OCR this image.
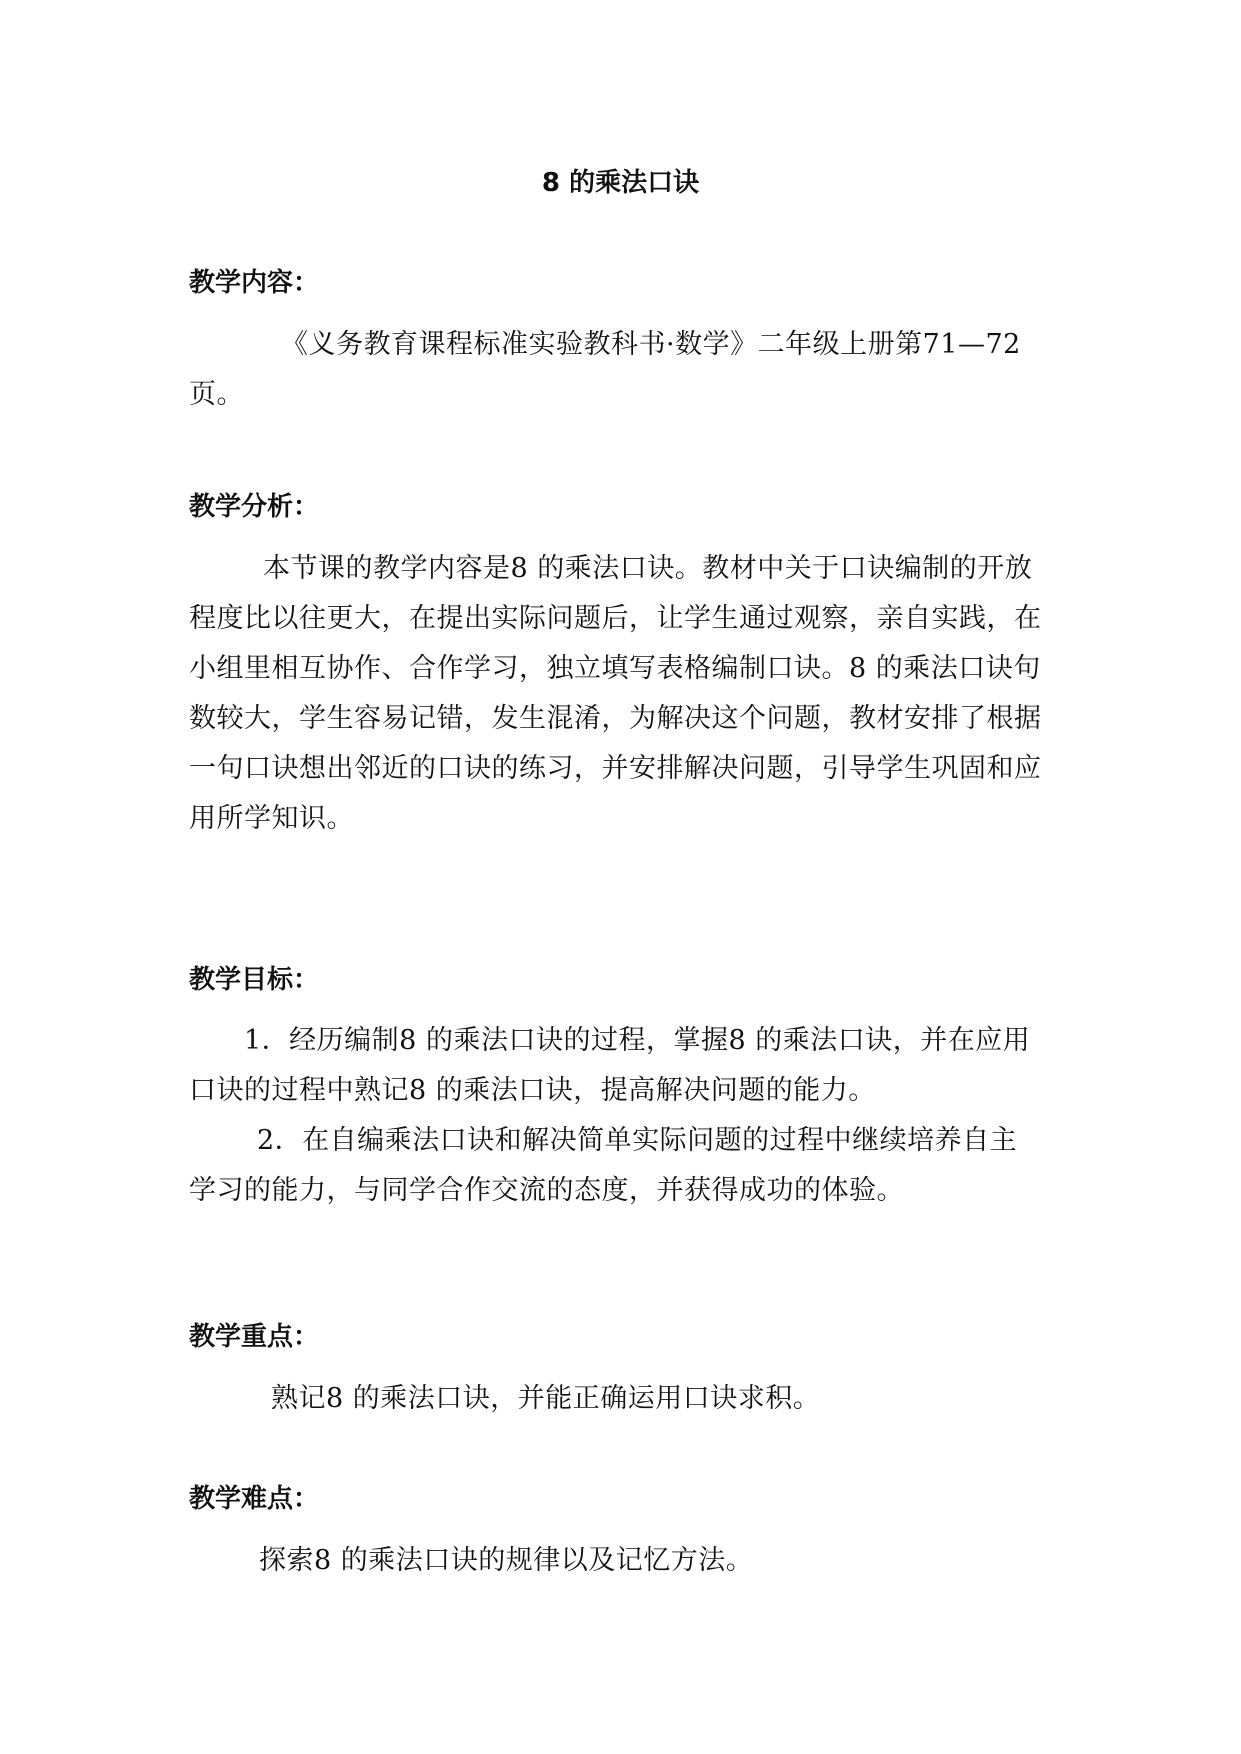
8 的乘法口诀
教学内容：
《义务教育课程标准实验教科书·数学》二年级上册第71—72
页。
教学分析：
本节课的教学内容是8 的乘法口诀。教材中关于口诀编制的开放
程度比以往更大，在提出实际问题后，让学生通过观察，亲自实践，在
小组里相互协作、合作学习，独立填写表格编制口诀。8 的乘法口诀句
数较大，学生容易记错，发生混淆，为解决这个问题，教材安排了根据
一句口诀想出邻近的口诀的练习，并安排解决问题，引导学生巩固和应
用所学知识。
教学目标：
1．经历编制8 的乘法口诀的过程，掌握8 的乘法口诀，并在应用
口诀的过程中熟记8 的乘法口诀，提高解决问题的能力。
2．在自编乘法口诀和解决简单实际问题的过程中继续培养自主
学习的能力，与同学合作交流的态度，并获得成功的体验。
教学重点：
熟记8 的乘法口诀，并能正确运用口诀求积。
教学难点：
探索8 的乘法口诀的规律以及记忆方法。
